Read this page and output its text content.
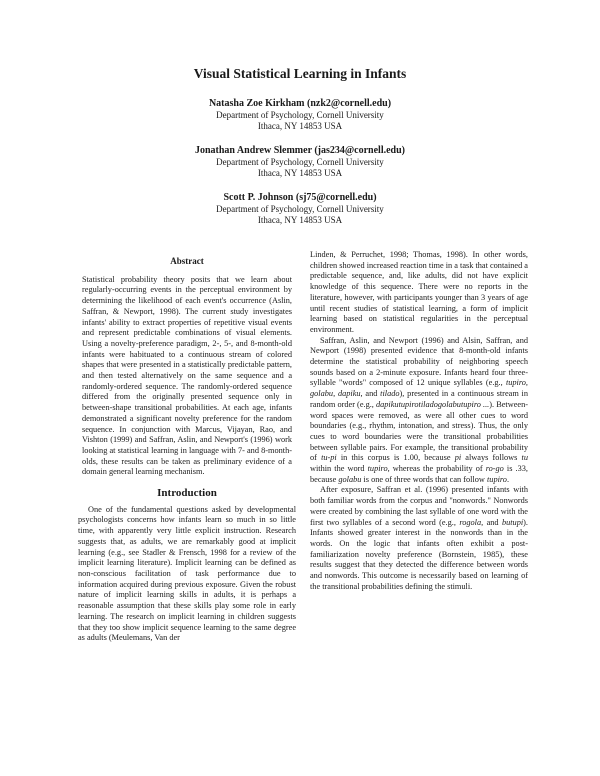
Visual Statistical Learning in Infants
Natasha Zoe Kirkham (nzk2@cornell.edu)
Department of Psychology, Cornell University
Ithaca, NY 14853 USA
Jonathan Andrew Slemmer (jas234@cornell.edu)
Department of Psychology, Cornell University
Ithaca, NY 14853 USA
Scott P. Johnson (sj75@cornell.edu)
Department of Psychology, Cornell University
Ithaca, NY 14853 USA
Abstract

Statistical probability theory posits that we learn about regularly-occurring events in the perceptual environment by determining the likelihood of each event's occurrence (Aslin, Saffran, & Newport, 1998). The current study investigates infants' ability to extract properties of repetitive visual events and represent predictable combinations of visual elements. Using a novelty-preference paradigm, 2-, 5-, and 8-month-old infants were habituated to a continuous stream of colored shapes that were presented in a statistically predictable pattern, and then tested alternatively on the same sequence and a randomly-ordered sequence. The randomly-ordered sequence differed from the originally presented sequence only in between-shape transitional probabilities. At each age, infants demonstrated a significant novelty preference for the random sequence. In conjunction with Marcus, Vijayan, Rao, and Vishton (1999) and Saffran, Aslin, and Newport's (1996) work looking at statistical learning in language with 7- and 8-month-olds, these results can be taken as preliminary evidence of a domain general learning mechanism.

Introduction

One of the fundamental questions asked by developmental psychologists concerns how infants learn so much in so little time, with apparently very little explicit instruction. Research suggests that, as adults, we are remarkably good at implicit learning (e.g., see Stadler & Frensch, 1998 for a review of the implicit learning literature). Implicit learning can be defined as non-conscious facilitation of task performance due to information acquired during previous exposure. Given the robust nature of implicit learning skills in adults, it is perhaps a reasonable assumption that these skills play some role in early learning. The research on implicit learning in children suggests that they too show implicit sequence learning to the same degree as adults (Meulemans, Van der

Linden, & Perruchet, 1998; Thomas, 1998). In other words, children showed increased reaction time in a task that contained a predictable sequence, and, like adults, did not have explicit knowledge of this sequence. There were no reports in the literature, however, with participants younger than 3 years of age until recent studies of statistical learning, a form of implicit learning based on statistical regularities in the perceptual environment.

Saffran, Aslin, and Newport (1996) and Alsin, Saffran, and Newport (1998) presented evidence that 8-month-old infants determine the statistical probability of neighboring speech sounds based on a 2-minute exposure. Infants heard four three-syllable "words" composed of 12 unique syllables (e.g., tupiro, golabu, dapiku, and tilado), presented in a continuous stream in random order (e.g., dapikutupirotiladogolabutupiro ...). Between-word spaces were removed, as were all other cues to word boundaries (e.g., rhythm, intonation, and stress). Thus, the only cues to word boundaries were the transitional probabilities between syllable pairs. For example, the transitional probability of tu-pi in this corpus is 1.00, because pi always follows tu within the word tupiro, whereas the probability of ro-go is .33, because golabu is one of three words that can follow tupiro.

After exposure, Saffran et al. (1996) presented infants with both familiar words from the corpus and "nonwords." Nonwords were created by combining the last syllable of one word with the first two syllables of a second word (e.g., rogola, and butupi). Infants showed greater interest in the nonwords than in the words. On the logic that infants often exhibit a post-familiarization novelty preference (Bornstein, 1985), these results suggest that they detected the difference between words and nonwords. This outcome is necessarily based on learning of the transitional probabilities defining the stimuli.
